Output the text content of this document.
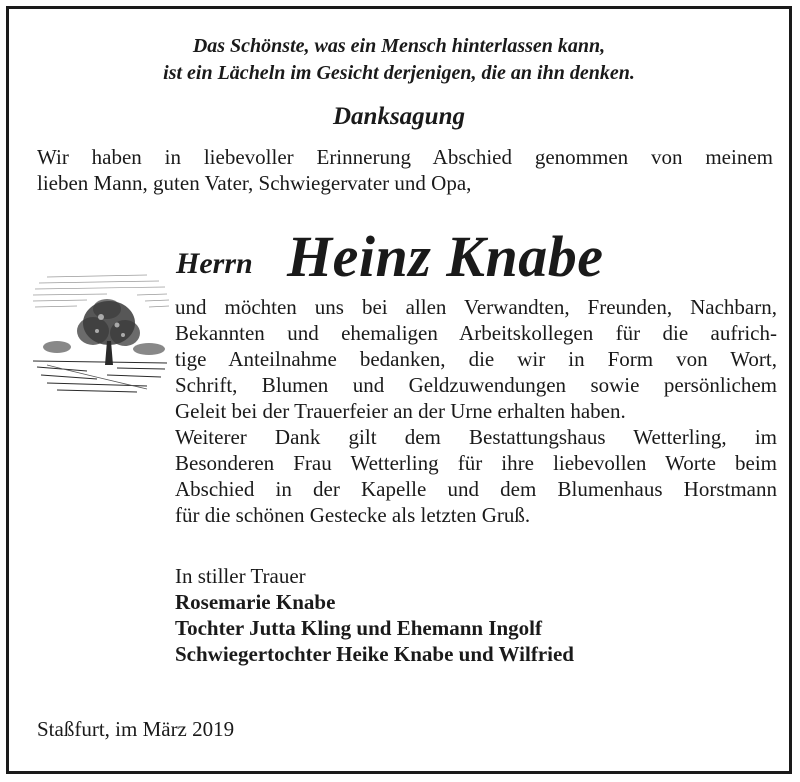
Das Schönste, was ein Mensch hinterlassen kann,
ist ein Lächeln im Gesicht derjenigen, die an ihn denken.
Danksagung
Wir haben in liebevoller Erinnerung Abschied genommen von meinem
lieben Mann, guten Vater, Schwiegervater und Opa,
Herrn Heinz Knabe
und möchten uns bei allen Verwandten, Freunden, Nachbarn,
Bekannten und ehemaligen Arbeitskollegen für die aufrich-
tige Anteilnahme bedanken, die wir in Form von Wort,
Schrift, Blumen und Geldzuwendungen sowie persönlichem
Geleit bei der Trauerfeier an der Urne erhalten haben.
Weiterer Dank gilt dem Bestattungshaus Wetterling, im
Besonderen Frau Wetterling für ihre liebevollen Worte beim
Abschied in der Kapelle und dem Blumenhaus Horstmann
für die schönen Gestecke als letzten Gruß.
In stiller Trauer
Rosemarie Knabe
Tochter Jutta Kling und Ehemann Ingolf
Schwiegertochter Heike Knabe und Wilfried
Staßfurt, im März 2019
